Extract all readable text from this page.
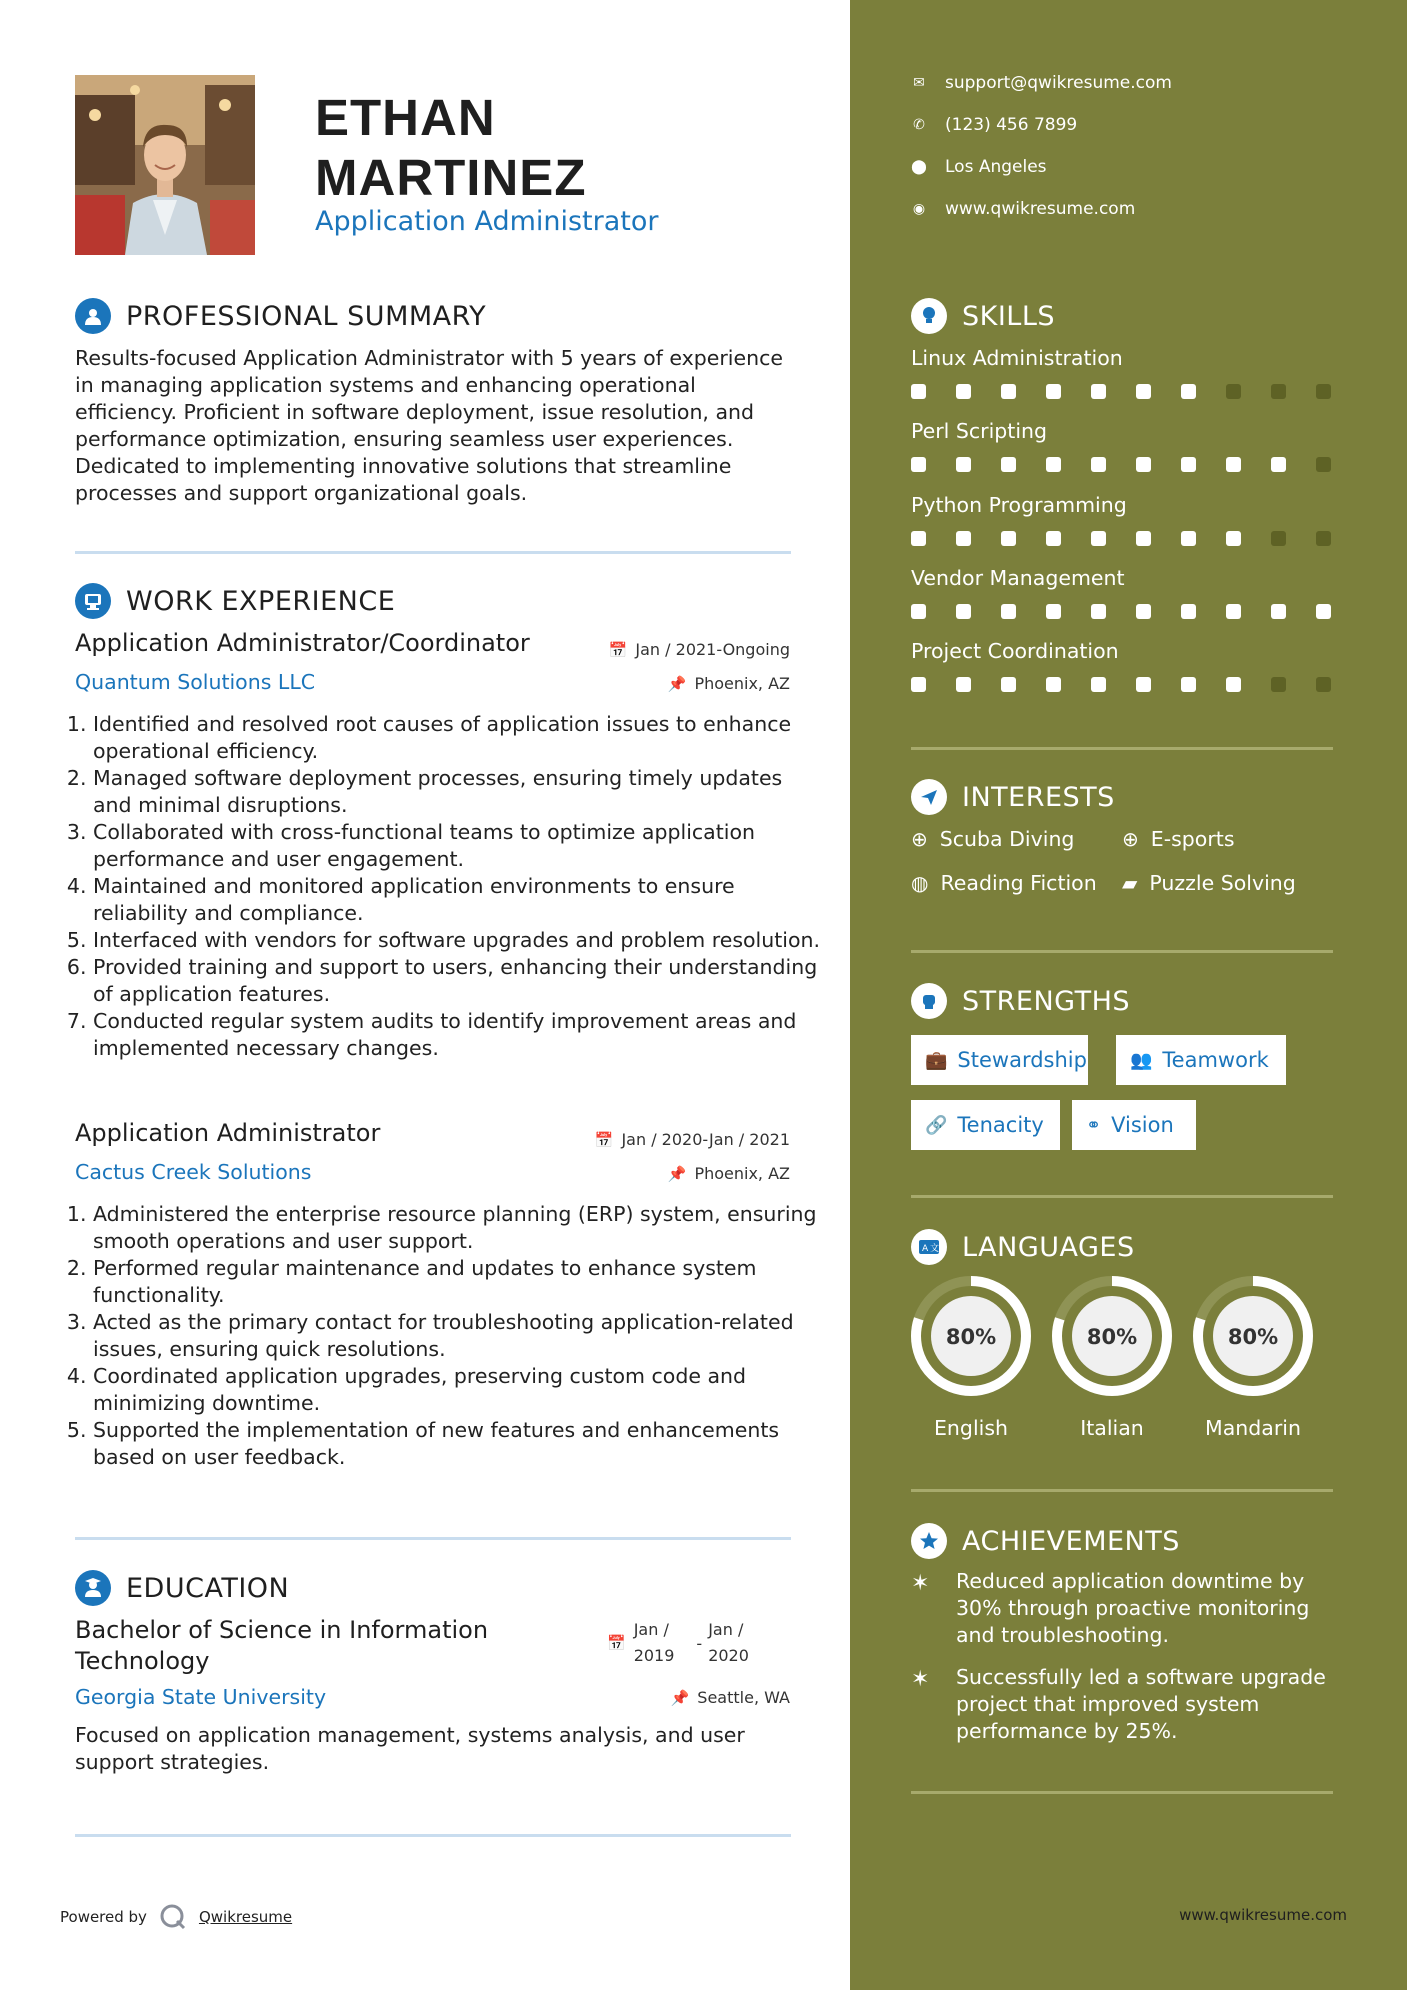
ETHAN
MARTINEZ
Application Administrator
PROFESSIONAL SUMMARY
Results-focused Application Administrator with 5 years of experience in managing application systems and enhancing operational efficiency. Proficient in software deployment, issue resolution, and performance optimization, ensuring seamless user experiences. Dedicated to implementing innovative solutions that streamline processes and support organizational goals.
WORK EXPERIENCE
Application Administrator/Coordinator	📅 Jan / 2021-Ongoing
Quantum Solutions LLC	📌 Phoenix, AZ
1. Identified and resolved root causes of application issues to enhance operational efficiency.
2. Managed software deployment processes, ensuring timely updates and minimal disruptions.
3. Collaborated with cross-functional teams to optimize application performance and user engagement.
4. Maintained and monitored application environments to ensure reliability and compliance.
5. Interfaced with vendors for software upgrades and problem resolution.
6. Provided training and support to users, enhancing their understanding of application features.
7. Conducted regular system audits to identify improvement areas and implemented necessary changes.
Application Administrator	📅 Jan / 2020-Jan / 2021
Cactus Creek Solutions	📌 Phoenix, AZ
1. Administered the enterprise resource planning (ERP) system, ensuring smooth operations and user support.
2. Performed regular maintenance and updates to enhance system functionality.
3. Acted as the primary contact for troubleshooting application-related issues, ensuring quick resolutions.
4. Coordinated application upgrades, preserving custom code and minimizing downtime.
5. Supported the implementation of new features and enhancements based on user feedback.
EDUCATION
Bachelor of Science in Information
Technology
📅
Jan /
2019
-
Jan /
2020
Georgia State University	📌 Seattle, WA
Focused on application management, systems analysis, and user support strategies.
Powered by	Qwikresume
✉ support@qwikresume.com
✆ (123) 456 7899
⬤ Los Angeles
◉ www.qwikresume.com
SKILLS
Linux Administration
Perl Scripting
Python Programming
Vendor Management
Project Coordination
INTERESTS
⊕ Scuba Diving ⊕ E-sports
◍ Reading Fiction ▰ Puzzle Solving
STRENGTHS
💼 Stewardship 👥 Teamwork
🔗 Tenacity ⚭ Vision
A 文 LANGUAGES
80%
English
80%
Italian
80%
Mandarin
ACHIEVEMENTS
✶	Reduced application downtime by 30% through proactive monitoring and troubleshooting.
✶	Successfully led a software upgrade project that improved system performance by 25%.
www.qwikresume.com
